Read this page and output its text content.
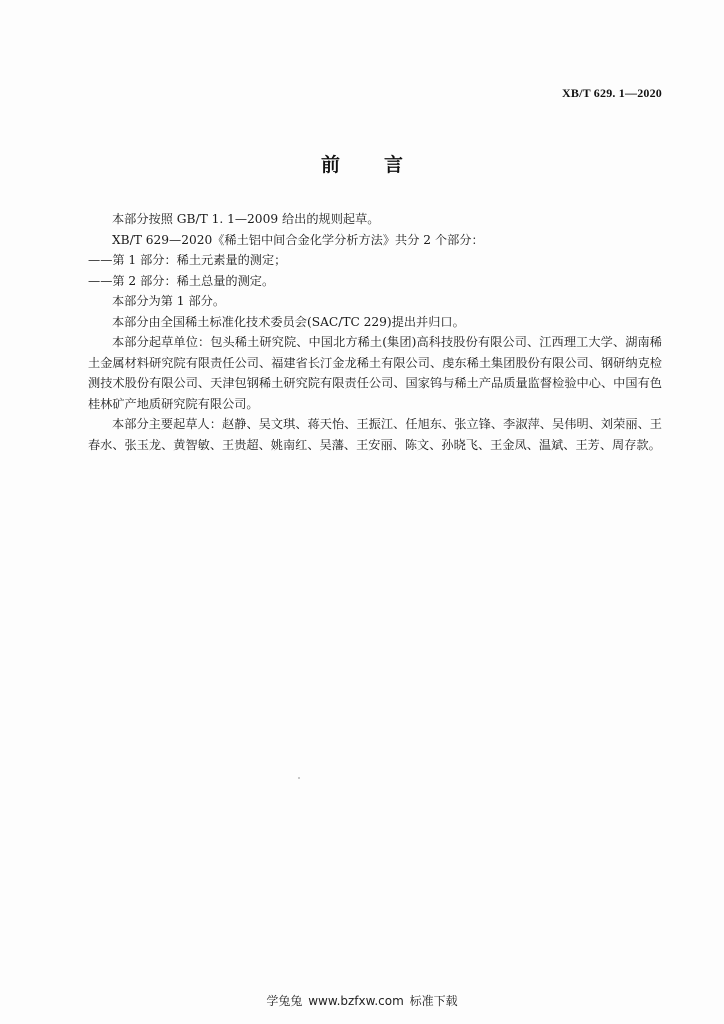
XB/T 629. 1—2020
前 言

本部分按照 GB/T 1. 1—2009 给出的规则起草。

XB/T 629—2020《稀土铝中间合金化学分析方法》共分 2 个部分：

——第 1 部分：稀土元素量的测定；

——第 2 部分：稀土总量的测定。

本部分为第 1 部分。

本部分由全国稀土标准化技术委员会(SAC/TC 229)提出并归口。

本部分起草单位：包头稀土研究院、中国北方稀土(集团)高科技股份有限公司、江西理工大学、湖南稀土金属材料研究院有限责任公司、福建省长汀金龙稀土有限公司、虔东稀土集团股份有限公司、钢研纳克检测技术股份有限公司、天津包钢稀土研究院有限责任公司、国家钨与稀土产品质量监督检验中心、中国有色桂林矿产地质研究院有限公司。

本部分主要起草人：赵静、吴文琪、蒋天怡、王振江、任旭东、张立锋、李淑萍、吴伟明、刘荣丽、王春水、张玉龙、黄智敏、王贵超、姚南红、吴藩、王安丽、陈文、孙晓飞、王金凤、温斌、王芳、周存款。

学兔兔 www.bzfxw.com 标准下载
